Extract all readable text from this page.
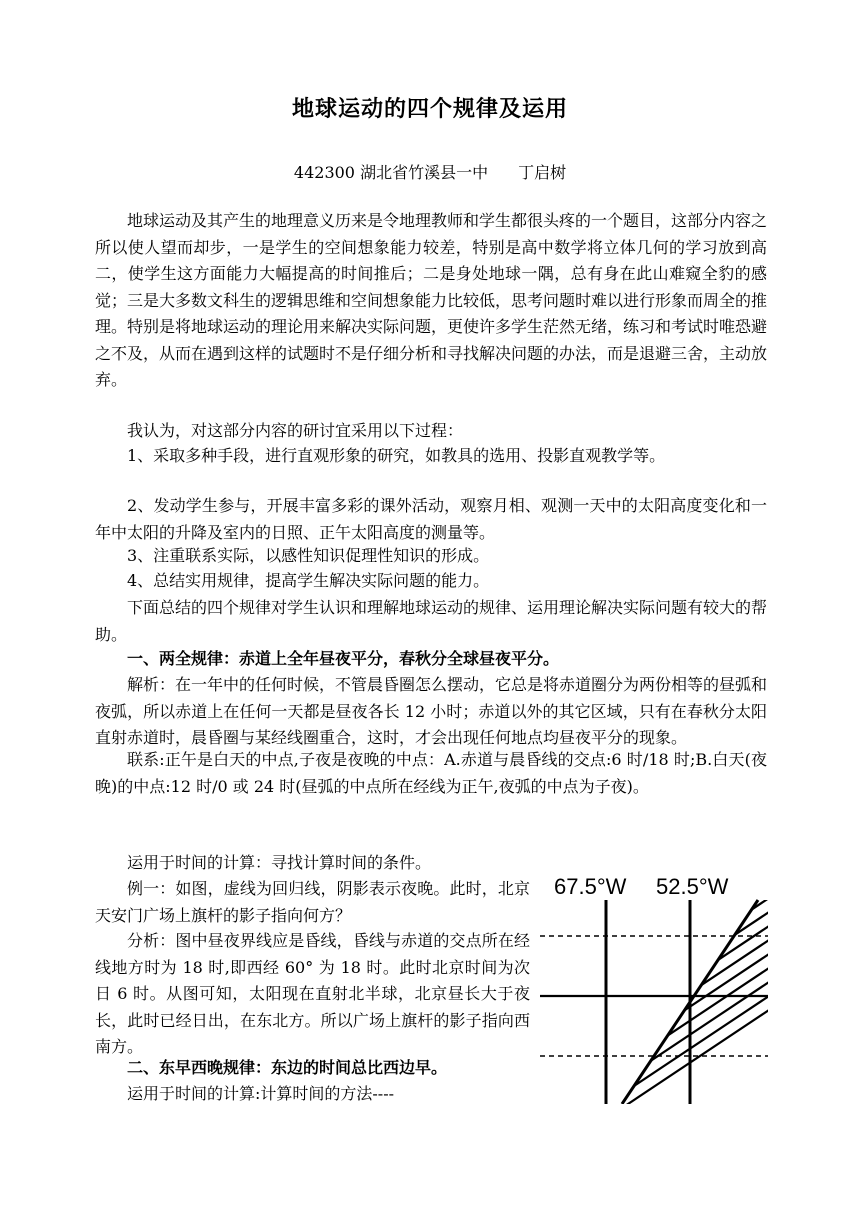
地球运动的四个规律及运用
442300 湖北省竹溪县一中 丁启树

地球运动及其产生的地理意义历来是令地理教师和学生都很头疼的一个题目，这部分内容之所以使人望而却步，一是学生的空间想象能力较差，特别是高中数学将立体几何的学习放到高二，使学生这方面能力大幅提高的时间推后；二是身处地球一隅，总有身在此山难窥全豹的感觉；三是大多数文科生的逻辑思维和空间想象能力比较低，思考问题时难以进行形象而周全的推理。特别是将地球运动的理论用来解决实际问题，更使许多学生茫然无绪，练习和考试时唯恐避之不及，从而在遇到这样的试题时不是仔细分析和寻找解决问题的办法，而是退避三舍，主动放弃。

我认为，对这部分内容的研讨宜采用以下过程：

1、采取多种手段，进行直观形象的研究，如教具的选用、投影直观教学等。

2、发动学生参与，开展丰富多彩的课外活动，观察月相、观测一天中的太阳高度变化和一年中太阳的升降及室内的日照、正午太阳高度的测量等。

3、注重联系实际，以感性知识促理性知识的形成。

4、总结实用规律，提高学生解决实际问题的能力。

下面总结的四个规律对学生认识和理解地球运动的规律、运用理论解决实际问题有较大的帮助。

一、两全规律：赤道上全年昼夜平分，春秋分全球昼夜平分。

解析：在一年中的任何时候，不管晨昏圈怎么摆动，它总是将赤道圈分为两份相等的昼弧和夜弧，所以赤道上在任何一天都是昼夜各长 12 小时；赤道以外的其它区域，只有在春秋分太阳直射赤道时，晨昏圈与某经线圈重合，这时，才会出现任何地点均昼夜平分的现象。

联系:正午是白天的中点,子夜是夜晚的中点：A.赤道与晨昏线的交点:6 时/18 时;B.白天(夜晚)的中点:12 时/0 或 24 时(昼弧的中点所在经线为正午,夜弧的中点为子夜)。

运用于时间的计算：寻找计算时间的条件。

例一：如图，虚线为回归线，阴影表示夜晚。此时，北京天安门广场上旗杆的影子指向何方？

分析：图中昼夜界线应是昏线，昏线与赤道的交点所在经线地方时为 18 时,即西经 60° 为 18 时。此时北京时间为次日 6 时。从图可知，太阳现在直射北半球，北京昼长大于夜长，此时已经日出，在东北方。所以广场上旗杆的影子指向西南方。

二、东早西晚规律：东边的时间总比西边早。

运用于时间的计算:计算时间的方法----

67.5°W 52.5°W
